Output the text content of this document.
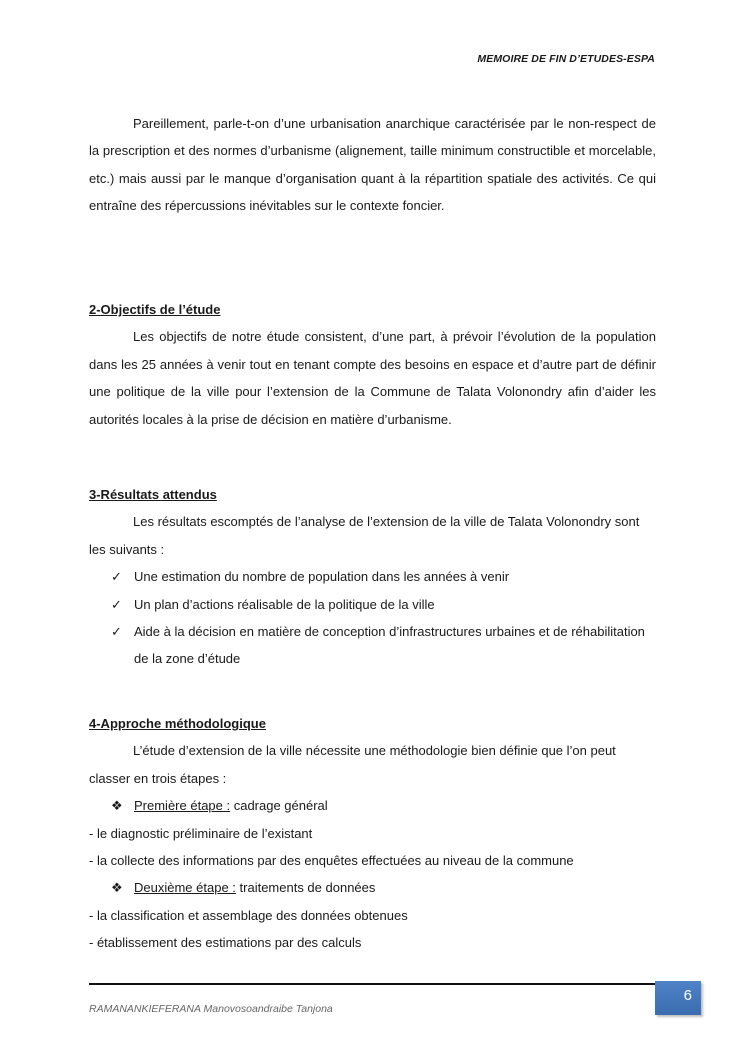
MEMOIRE DE FIN D’ETUDES-ESPA

Pareillement, parle-t-on d’une urbanisation anarchique caractérisée par le non-respect de la prescription et des normes d’urbanisme (alignement, taille minimum constructible et morcelable, etc.) mais aussi par le manque d’organisation quant à la répartition spatiale des activités. Ce qui entraîne des répercussions inévitables sur le contexte foncier.

2-Objectifs de l’étude

Les objectifs de notre étude consistent, d’une part, à prévoir l’évolution de la population dans les 25 années à venir tout en tenant compte des besoins en espace et d’autre part de définir une politique de la ville pour l’extension de la Commune de Talata Volonondry afin d’aider les autorités locales à la prise de décision en matière d’urbanisme.

3-Résultats attendus

Les résultats escomptés de l’analyse de l’extension de la ville de Talata Volonondry sont les suivants :

✓ Une estimation du nombre de population dans les années à venir
✓ Un plan d’actions réalisable de la politique de la ville
✓ Aide à la décision en matière de conception d’infrastructures urbaines et de réhabilitation de la zone d’étude

4-Approche méthodologique

L’étude d’extension de la ville nécessite une méthodologie bien définie que l’on peut classer en trois étapes :

❖ Première étape : cadrage général

- le diagnostic préliminaire de l’existant

- la collecte des informations par des enquêtes effectuées au niveau de la commune

❖ Deuxième étape : traitements de données

- la classification et assemblage des données obtenues

- établissement des estimations par des calculs

RAMANANKIEFERANA Manovosoandraibe Tanjona
6
